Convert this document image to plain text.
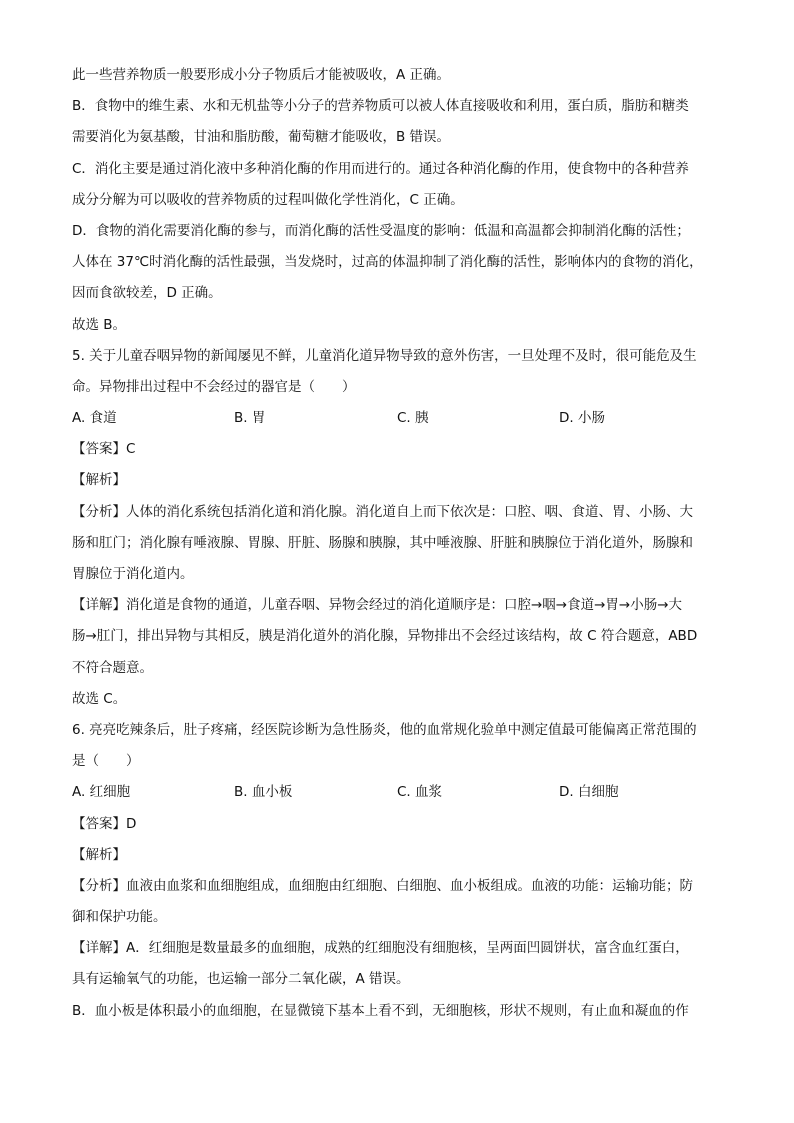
此一些营养物质一般要形成小分子物质后才能被吸收，A 正确。
B．食物中的维生素、水和无机盐等小分子的营养物质可以被人体直接吸收和利用，蛋白质，脂肪和糖类
需要消化为氨基酸，甘油和脂肪酸，葡萄糖才能吸收，B 错误。
C．消化主要是通过消化液中多种消化酶的作用而进行的。通过各种消化酶的作用，使食物中的各种营养
成分分解为可以吸收的营养物质的过程叫做化学性消化，C 正确。
D．食物的消化需要消化酶的参与，而消化酶的活性受温度的影响：低温和高温都会抑制消化酶的活性；
人体在 37℃时消化酶的活性最强，当发烧时，过高的体温抑制了消化酶的活性，影响体内的食物的消化，
因而食欲较差，D 正确。
故选 B。
5. 关于儿童吞咽异物的新闻屡见不鲜，儿童消化道异物导致的意外伤害，一旦处理不及时，很可能危及生
命。异物排出过程中不会经过的器官是（　　）
A. 食道	B. 胃	C. 胰	D. 小肠
【答案】C
【解析】
【分析】人体的消化系统包括消化道和消化腺。消化道自上而下依次是：口腔、咽、食道、胃、小肠、大
肠和肛门；消化腺有唾液腺、胃腺、肝脏、肠腺和胰腺，其中唾液腺、肝脏和胰腺位于消化道外，肠腺和
胃腺位于消化道内。
【详解】消化道是食物的通道，儿童吞咽、异物会经过的消化道顺序是：口腔→咽→食道→胃→小肠→大
肠→肛门，排出异物与其相反，胰是消化道外的消化腺，异物排出不会经过该结构，故 C 符合题意，ABD
不符合题意。
故选 C。
6. 亮亮吃辣条后，肚子疼痛，经医院诊断为急性肠炎，他的血常规化验单中测定值最可能偏离正常范围的
是（　　）
A. 红细胞	B. 血小板	C. 血浆	D. 白细胞
【答案】D
【解析】
【分析】血液由血浆和血细胞组成，血细胞由红细胞、白细胞、血小板组成。血液的功能：运输功能；防
御和保护功能。
【详解】A．红细胞是数量最多的血细胞，成熟的红细胞没有细胞核，呈两面凹圆饼状，富含血红蛋白，
具有运输氧气的功能，也运输一部分二氧化碳，A 错误。
B．血小板是体积最小的血细胞，在显微镜下基本上看不到，无细胞核，形状不规则，有止血和凝血的作
